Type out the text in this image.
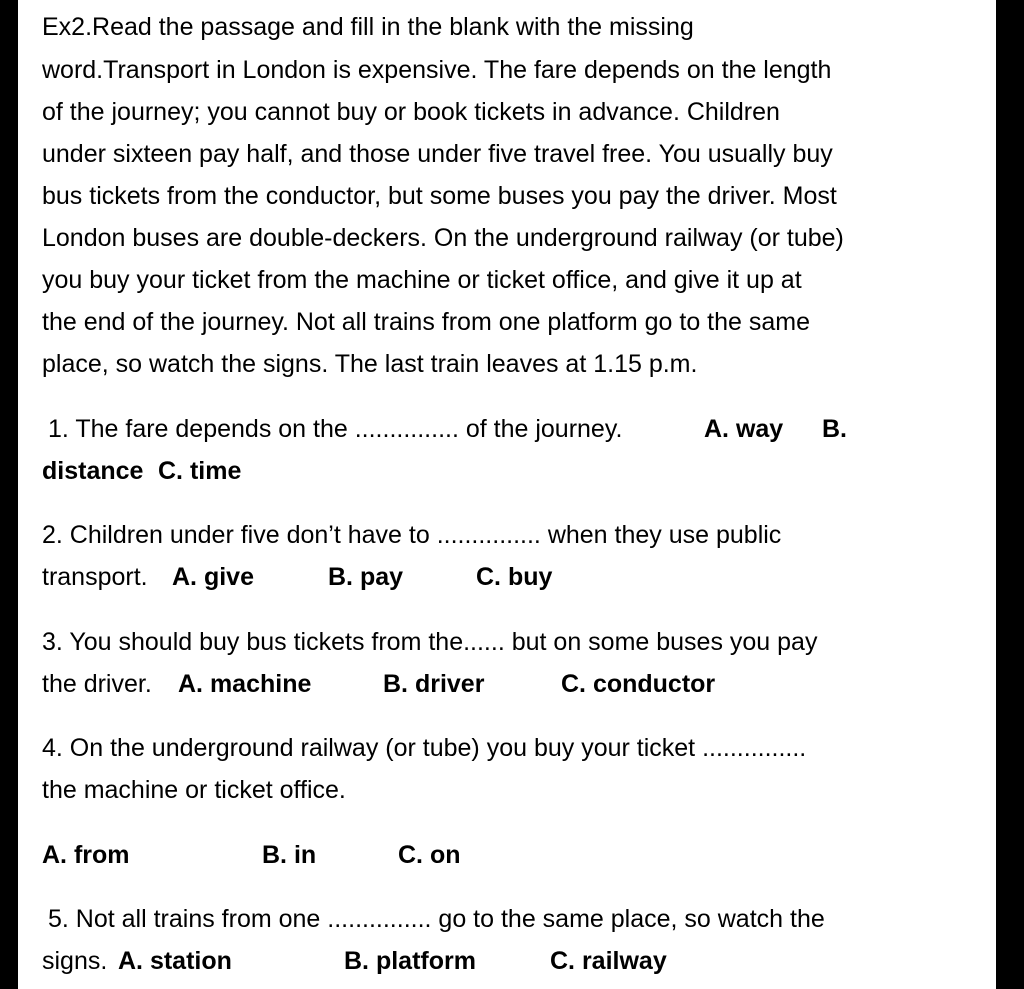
Ex2.Read the passage and fill in the blank with the missing
word.Transport in London is expensive. The fare depends on the length
of the journey; you cannot buy or book tickets in advance. Children
under sixteen pay half, and those under five travel free. You usually buy
bus tickets from the conductor, but some buses you pay the driver. Most
London buses are double-deckers. On the underground railway (or tube)
you buy your ticket from the machine or ticket office, and give it up at
the end of the journey. Not all trains from one platform go to the same
place, so watch the signs. The last train leaves at 1.15 p.m.
1. The fare depends on the ............... of the journey.	A. way B.
distance C. time
2. Children under five don’t have to ............... when they use public
transport. A. give	B. pay	C. buy
3. You should buy bus tickets from the...... but on some buses you pay
the driver. A. machine	B. driver	C. conductor
4. On the underground railway (or tube) you buy your ticket ...............
the machine or ticket office.
A. from	B. in	C. on
5. Not all trains from one ............... go to the same place, so watch the
signs. A. station	B. platform	C. railway
